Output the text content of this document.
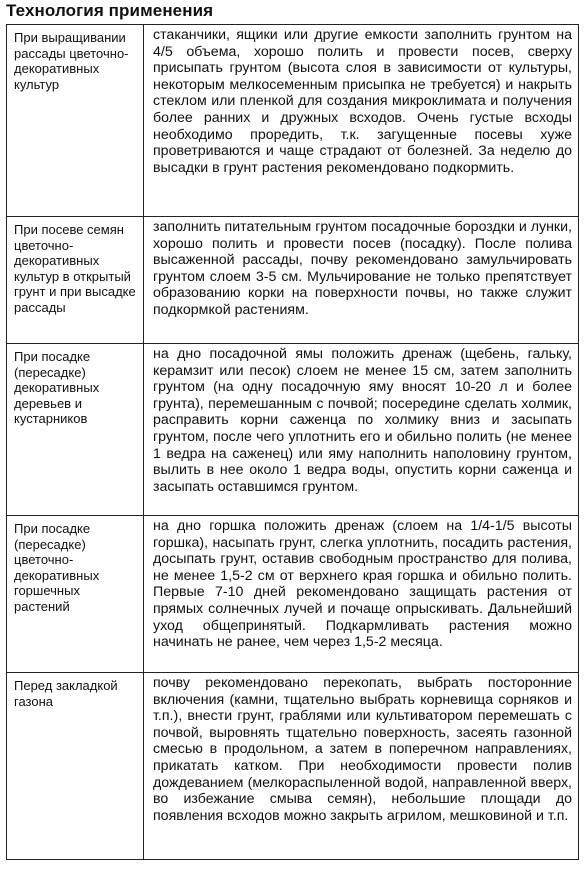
Технология применения
При выращивании рассады цветочно-декоративных культур	стаканчики, ящики или другие емкости заполнить грунтом на 4/5 объема, хорошо полить и провести посев, сверху присыпать грунтом (высота слоя в зависимости от культуры, некоторым мелкосеменным присыпка не требуется) и накрыть стеклом или пленкой для создания микроклимата и получения более ранних и дружных всходов. Очень густые всходы необходимо проредить, т.к. загущенные посевы хуже проветриваются и чаще страдают от болезней. За неделю до высадки в грунт растения рекомендовано подкормить.
При посеве семян цветочно-декоративных культур в открытый грунт и при высадке рассады	заполнить питательным грунтом посадочные бороздки и лунки, хорошо полить и провести посев (посадку). После полива высаженной рассады, почву рекомендовано замульчировать грунтом слоем 3-5 см. Мульчирование не только препятствует образованию корки на поверхности почвы, но также служит подкормкой растениям.
При посадке (пересадке) декоративных деревьев и кустарников	на дно посадочной ямы положить дренаж (щебень, гальку, керамзит или песок) слоем не менее 15 см, затем заполнить грунтом (на одну посадочную яму вносят 10-20 л и более грунта), перемешанным с почвой; посередине сделать холмик, расправить корни саженца по холмику вниз и засыпать грунтом, после чего уплотнить его и обильно полить (не менее 1 ведра на саженец) или яму наполнить наполовину грунтом, вылить в нее около 1 ведра воды, опустить корни саженца и засыпать оставшимся грунтом.
При посадке (пересадке) цветочно-декоративных горшечных растений	на дно горшка положить дренаж (слоем на 1/4-1/5 высоты горшка), насыпать грунт, слегка уплотнить, посадить растения, досыпать грунт, оставив свободным пространство для полива, не менее 1,5-2 см от верхнего края горшка и обильно полить. Первые 7-10 дней рекомендовано защищать растения от прямых солнечных лучей и почаще опрыскивать. Дальнейший уход общепринятый. Подкармливать растения можно начинать не ранее, чем через 1,5-2 месяца.
Перед закладкой газона	почву рекомендовано перекопать, выбрать посторонние включения (камни, тщательно выбрать корневища сорняков и т.п.), внести грунт, граблями или культиватором перемешать с почвой, выровнять тщательно поверхность, засеять газонной смесью в продольном, а затем в поперечном направлениях, прикатать катком. При необходимости провести полив дождеванием (мелкораспыленной водой, направленной вверх, во избежание смыва семян), небольшие площади до появления всходов можно закрыть агрилом, мешковиной и т.п.
